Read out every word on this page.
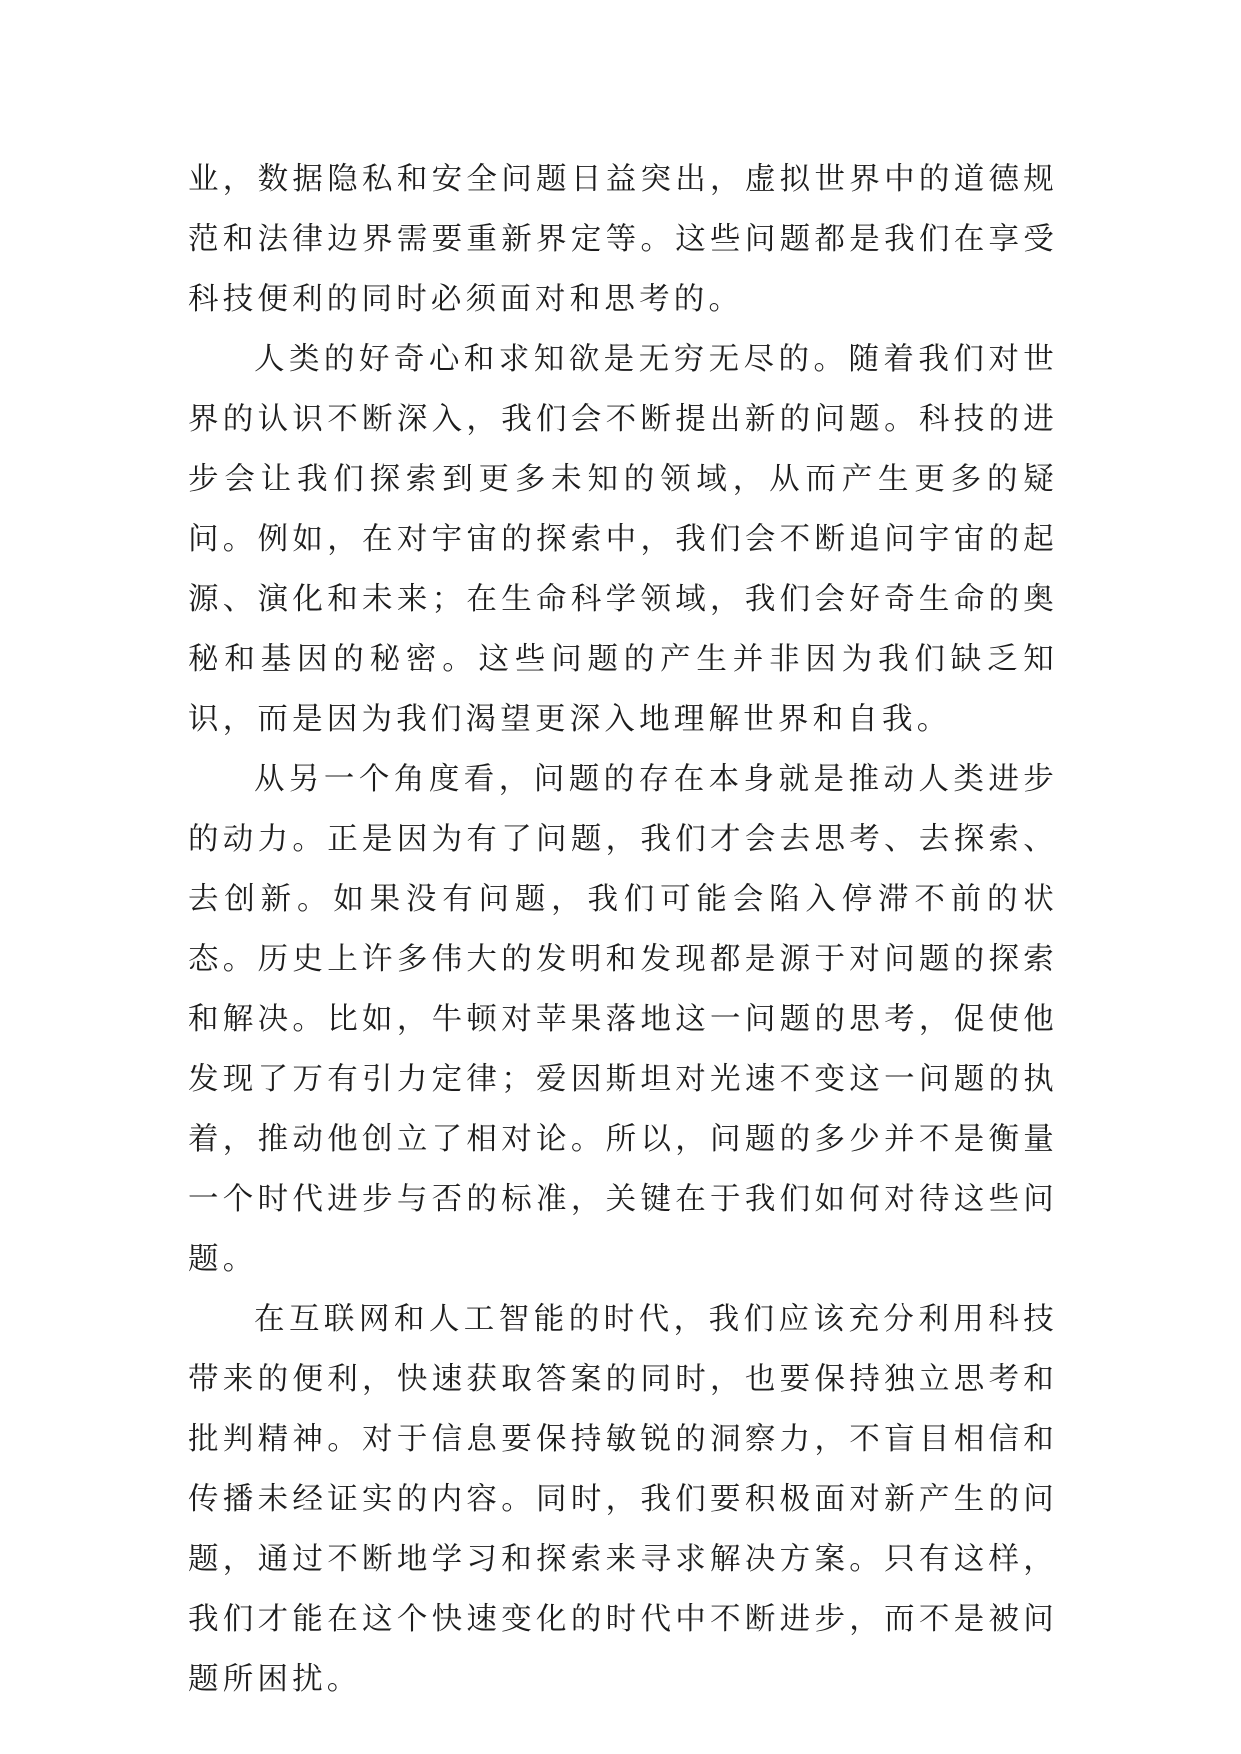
业，数据隐私和安全问题日益突出，虚拟世界中的道德规范和法律边界需要重新界定等。这些问题都是我们在享受科技便利的同时必须面对和思考的。

人类的好奇心和求知欲是无穷无尽的。随着我们对世界的认识不断深入，我们会不断提出新的问题。科技的进步会让我们探索到更多未知的领域，从而产生更多的疑问。例如，在对宇宙的探索中，我们会不断追问宇宙的起源、演化和未来；在生命科学领域，我们会好奇生命的奥秘和基因的秘密。这些问题的产生并非因为我们缺乏知识，而是因为我们渴望更深入地理解世界和自我。

从另一个角度看，问题的存在本身就是推动人类进步的动力。正是因为有了问题，我们才会去思考、去探索、去创新。如果没有问题，我们可能会陷入停滞不前的状态。历史上许多伟大的发明和发现都是源于对问题的探索和解决。比如，牛顿对苹果落地这一问题的思考，促使他发现了万有引力定律；爱因斯坦对光速不变这一问题的执着，推动他创立了相对论。所以，问题的多少并不是衡量一个时代进步与否的标准，关键在于我们如何对待这些问题。

在互联网和人工智能的时代，我们应该充分利用科技带来的便利，快速获取答案的同时，也要保持独立思考和批判精神。对于信息要保持敏锐的洞察力，不盲目相信和传播未经证实的内容。同时，我们要积极面对新产生的问题，通过不断地学习和探索来寻求解决方案。只有这样，我们才能在这个快速变化的时代中不断进步，而不是被问题所困扰。
